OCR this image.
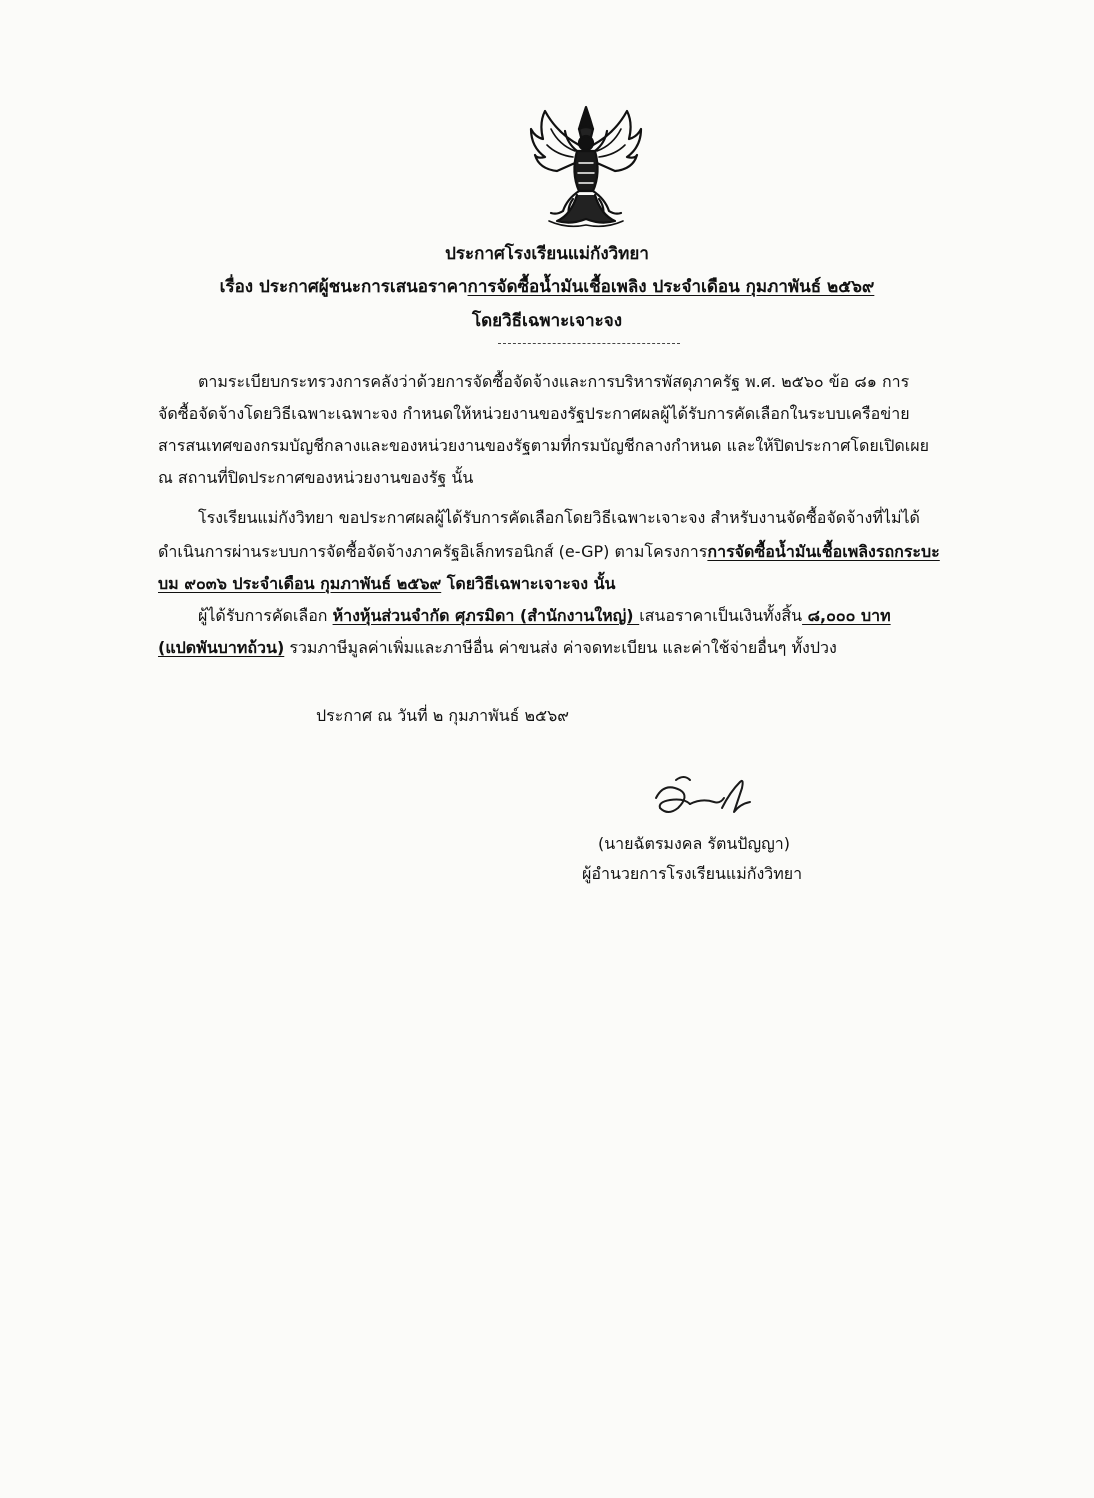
ประกาศโรงเรียนแม่กังวิทยา
เรื่อง ประกาศผู้ชนะการเสนอราคาการจัดซื้อน้ำมันเชื้อเพลิง ประจำเดือน กุมภาพันธ์ ๒๕๖๙
โดยวิธีเฉพาะเจาะจง
ตามระเบียบกระทรวงการคลังว่าด้วยการจัดซื้อจัดจ้างและการบริหารพัสดุภาครัฐ พ.ศ. ๒๕๖๐ ข้อ ๘๑ การ
จัดซื้อจัดจ้างโดยวิธีเฉพาะเฉพาะจง กำหนดให้หน่วยงานของรัฐประกาศผลผู้ได้รับการคัดเลือกในระบบเครือข่าย
สารสนเทศของกรมบัญชีกลางและของหน่วยงานของรัฐตามที่กรมบัญชีกลางกำหนด และให้ปิดประกาศโดยเปิดเผย
ณ สถานที่ปิดประกาศของหน่วยงานของรัฐ นั้น
โรงเรียนแม่กังวิทยา ขอประกาศผลผู้ได้รับการคัดเลือกโดยวิธีเฉพาะเจาะจง สำหรับงานจัดซื้อจัดจ้างที่ไม่ได้
ดำเนินการผ่านระบบการจัดซื้อจัดจ้างภาครัฐอิเล็กทรอนิกส์ (e-GP) ตามโครงการการจัดซื้อน้ำมันเชื้อเพลิงรถกระบะ
บม ๙๐๓๖ ประจำเดือน กุมภาพันธ์ ๒๕๖๙ โดยวิธีเฉพาะเจาะจง นั้น
ผู้ได้รับการคัดเลือก ห้างหุ้นส่วนจำกัด ศุภรมิดา (สำนักงานใหญ่) เสนอราคาเป็นเงินทั้งสิ้น ๘,๐๐๐ บาท
(แปดพันบาทถ้วน) รวมภาษีมูลค่าเพิ่มและภาษีอื่น ค่าขนส่ง ค่าจดทะเบียน และค่าใช้จ่ายอื่นๆ ทั้งปวง
ประกาศ ณ วันที่ ๒ กุมภาพันธ์ ๒๕๖๙
(นายฉัตรมงคล รัตนปัญญา)
ผู้อำนวยการโรงเรียนแม่กังวิทยา
